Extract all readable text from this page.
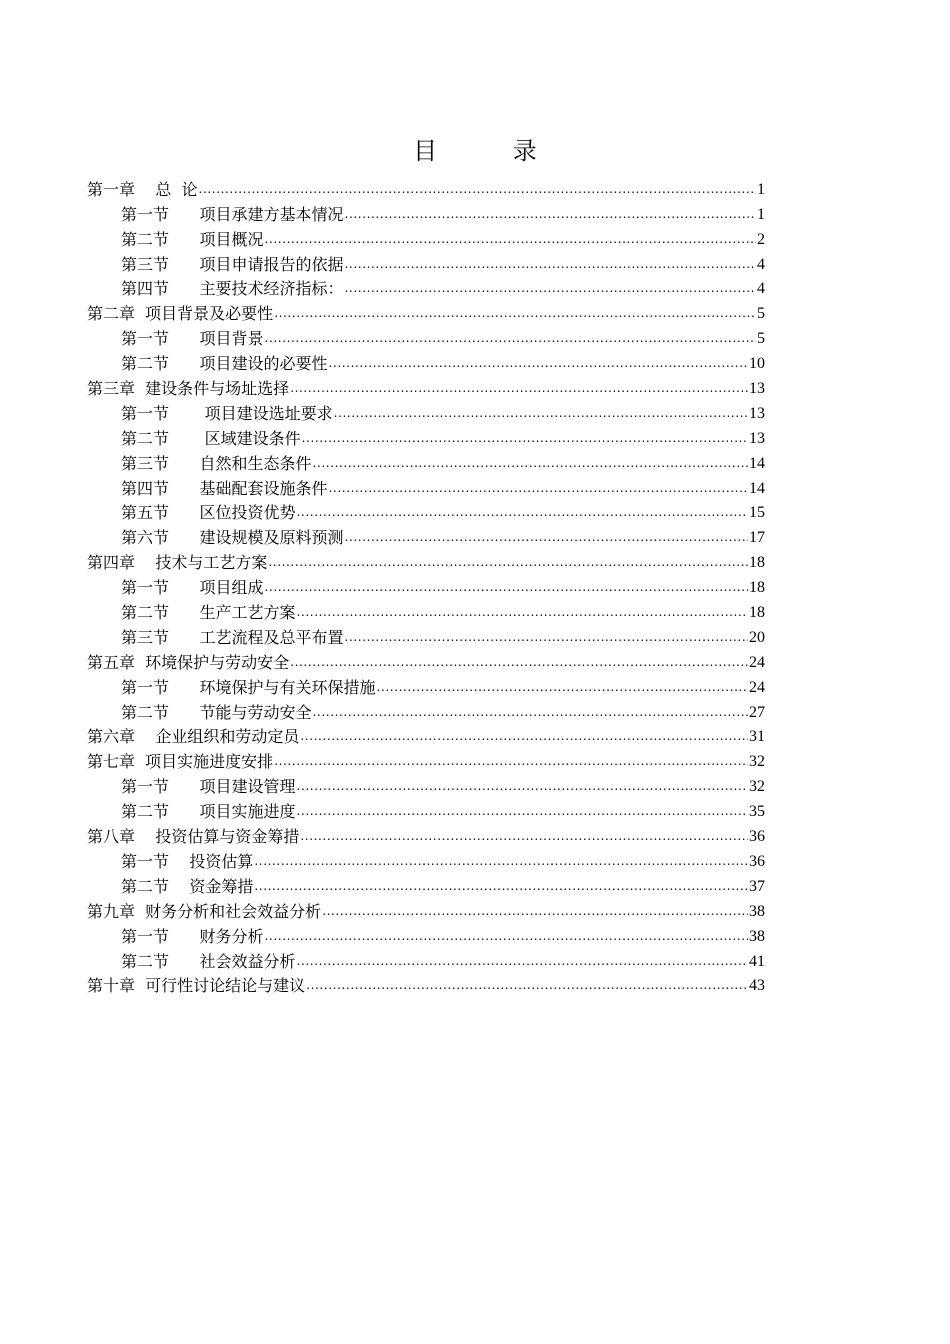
目 录
第一章    总  论 .....	1
第一节      项目承建方基本情况 .....	1
第二节      项目概况 .....	2
第三节      项目申请报告的依据 .....	4
第四节      主要技术经济指标： .....	4
第二章  项目背景及必要性 .....	5
第一节      项目背景 .....	5
第二节      项目建设的必要性 .....	10
第三章  建设条件与场址选择 .....	13
第一节       项目建设选址要求 .....	13
第二节       区域建设条件 .....	13
第三节      自然和生态条件 .....	14
第四节      基础配套设施条件 .....	14
第五节      区位投资优势 .....	15
第六节      建设规模及原料预测 .....	17
第四章    技术与工艺方案 .....	18
第一节      项目组成 .....	18
第二节      生产工艺方案 .....	18
第三节      工艺流程及总平布置 .....	20
第五章  环境保护与劳动安全 .....	24
第一节      环境保护与有关环保措施 .....	24
第二节      节能与劳动安全 .....	27
第六章    企业组织和劳动定员 .....	31
第七章  项目实施进度安排 .....	32
第一节      项目建设管理 .....	32
第二节      项目实施进度 .....	35
第八章    投资估算与资金筹措 .....	36
第一节    投资估算 .....	36
第二节    资金筹措 .....	37
第九章  财务分析和社会效益分析 .....	38
第一节      财务分析 .....	38
第二节      社会效益分析 .....	41
第十章  可行性讨论结论与建议 .....	43
